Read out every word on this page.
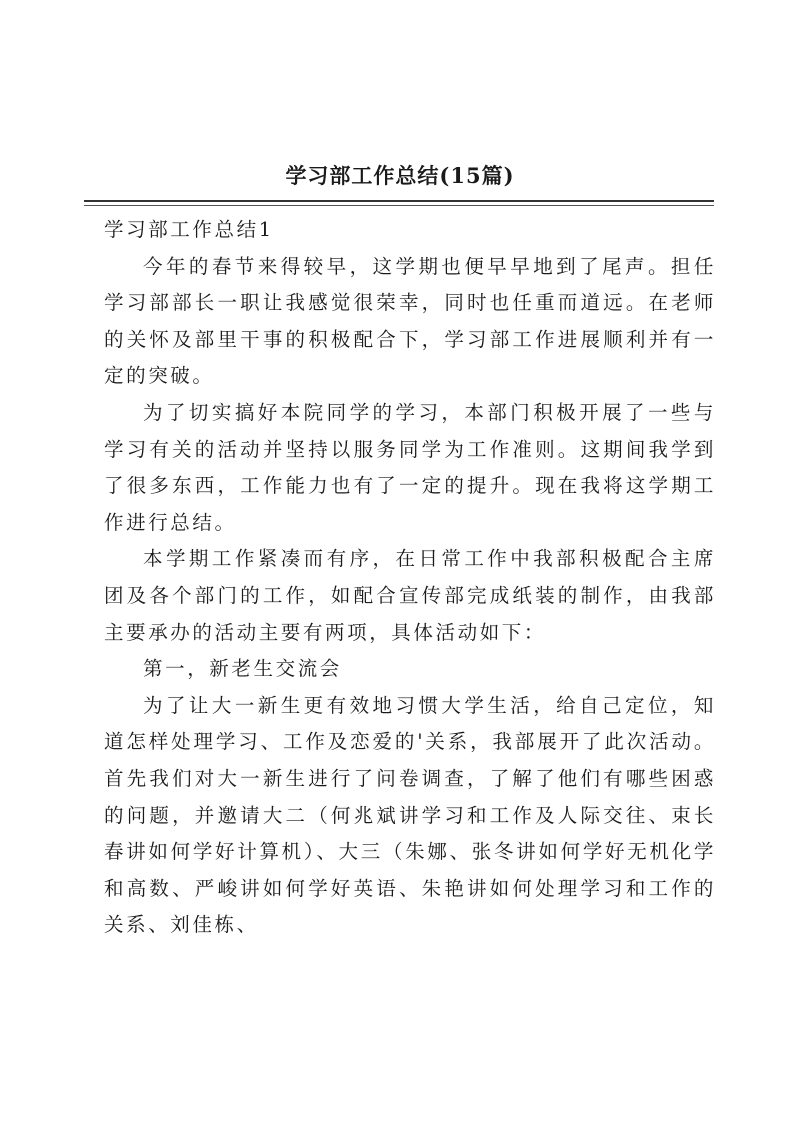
学习部工作总结(15篇)

学习部工作总结1

今年的春节来得较早，这学期也便早早地到了尾声。担任学习部部长一职让我感觉很荣幸，同时也任重而道远。在老师的关怀及部里干事的积极配合下，学习部工作进展顺利并有一定的突破。

为了切实搞好本院同学的学习，本部门积极开展了一些与学习有关的活动并坚持以服务同学为工作准则。这期间我学到了很多东西，工作能力也有了一定的提升。现在我将这学期工作进行总结。

本学期工作紧凑而有序，在日常工作中我部积极配合主席团及各个部门的工作，如配合宣传部完成纸装的制作，由我部主要承办的活动主要有两项，具体活动如下：

第一，新老生交流会

为了让大一新生更有效地习惯大学生活，给自己定位，知道怎样处理学习、工作及恋爱的'关系，我部展开了此次活动。首先我们对大一新生进行了问卷调查，了解了他们有哪些困惑的问题，并邀请大二（何兆斌讲学习和工作及人际交往、束长春讲如何学好计算机）、大三（朱娜、张冬讲如何学好无机化学和高数、严峻讲如何学好英语、朱艳讲如何处理学习和工作的关系、刘佳栋、
